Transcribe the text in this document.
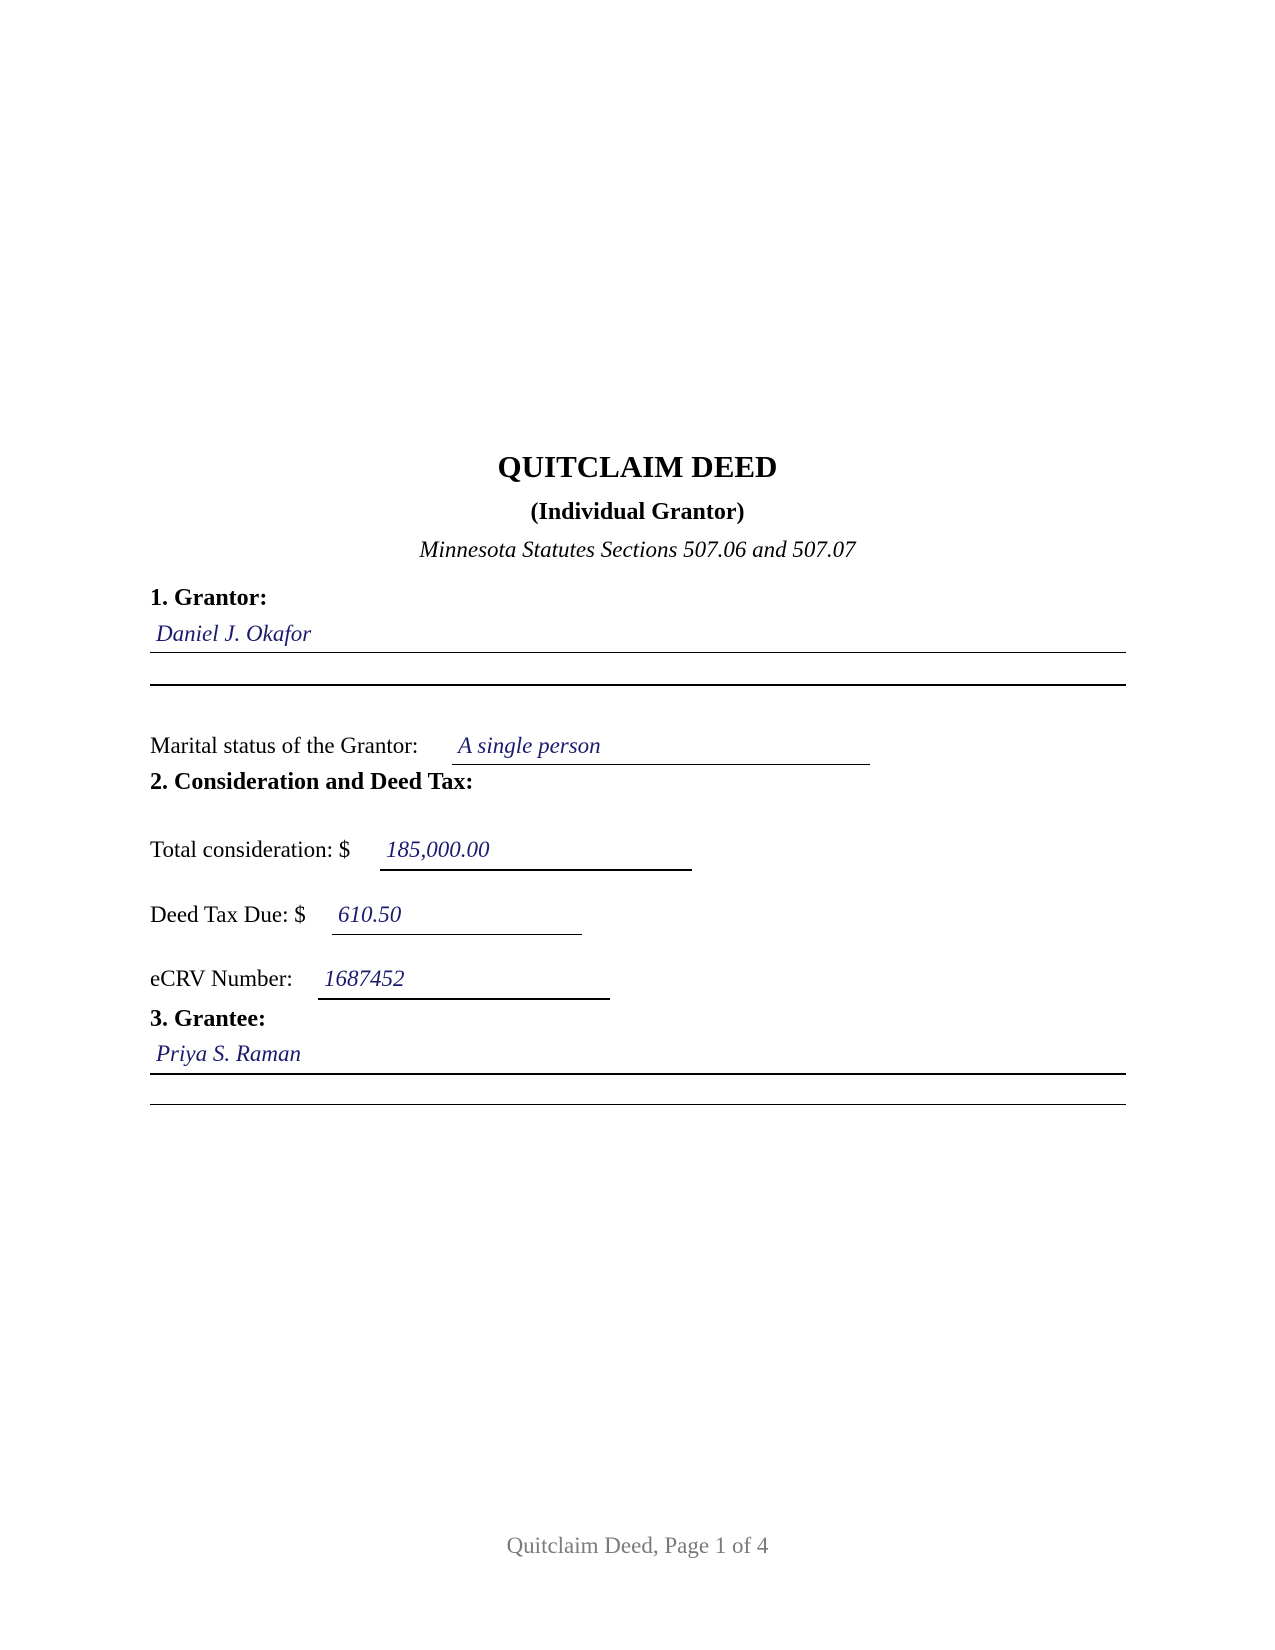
QUITCLAIM DEED
(Individual Grantor)
Minnesota Statutes Sections 507.06 and 507.07
1. Grantor:
Daniel J. Okafor
Marital status of the Grantor: A single person
2. Consideration and Deed Tax:
Total consideration: $ 185,000.00
Deed Tax Due: $ 610.50
eCRV Number: 1687452
3. Grantee:
Priya S. Raman
Quitclaim Deed, Page 1 of 4
